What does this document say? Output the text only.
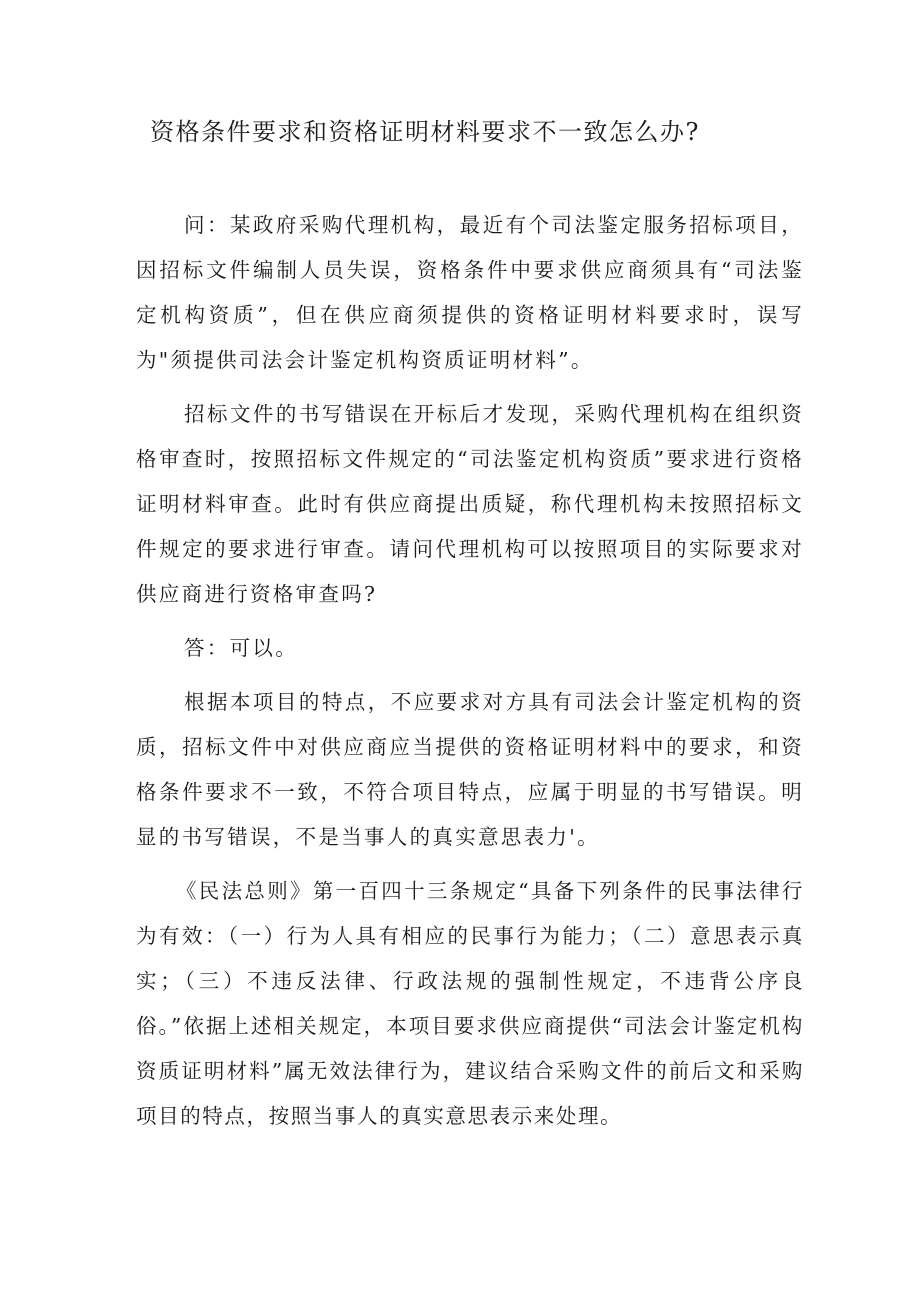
资格条件要求和资格证明材料要求不一致怎么办?

问：某政府采购代理机构，最近有个司法鉴定服务招标项目，因招标文件编制人员失误，资格条件中要求供应商须具有“司法鉴定机构资质”，但在供应商须提供的资格证明材料要求时，误写为"须提供司法会计鉴定机构资质证明材料”。

招标文件的书写错误在开标后才发现，采购代理机构在组织资格审查时，按照招标文件规定的“司法鉴定机构资质”要求进行资格证明材料审查。此时有供应商提出质疑，称代理机构未按照招标文件规定的要求进行审查。请问代理机构可以按照项目的实际要求对供应商进行资格审查吗?

答：可以。

根据本项目的特点，不应要求对方具有司法会计鉴定机构的资质，招标文件中对供应商应当提供的资格证明材料中的要求，和资格条件要求不一致，不符合项目特点，应属于明显的书写错误。明显的书写错误，不是当事人的真实意思表力'。

《民法总则》第一百四十三条规定“具备下列条件的民事法律行为有效：（一）行为人具有相应的民事行为能力；（二）意思表示真实；（三）不违反法律、行政法规的强制性规定，不违背公序良俗。”依据上述相关规定，本项目要求供应商提供“司法会计鉴定机构资质证明材料”属无效法律行为，建议结合采购文件的前后文和采购项目的特点，按照当事人的真实意思表示来处理。
